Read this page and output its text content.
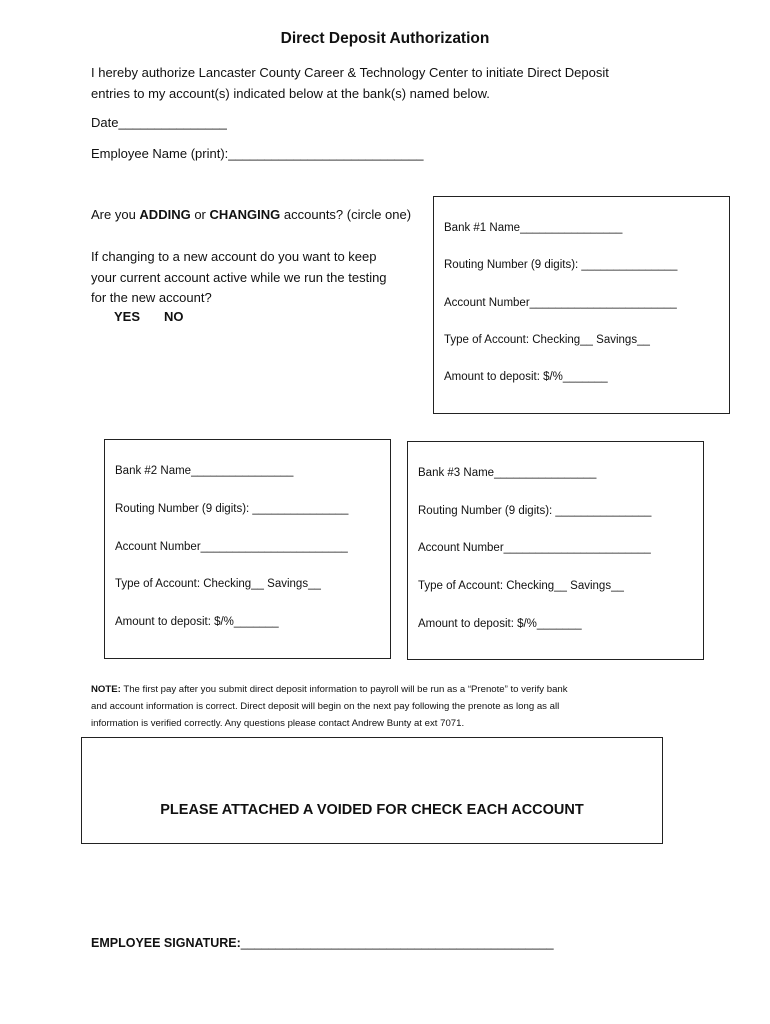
Direct Deposit Authorization
I hereby authorize Lancaster County Career & Technology Center to initiate Direct Deposit
entries to my account(s) indicated below at the bank(s) named below.
Date_______________
Employee Name (print):___________________________
Are you ADDING or CHANGING accounts? (circle one)
If changing to a new account do you want to keep
your current account active while we run the testing
for the new account?
YES NO
Bank #1 Name________________
Routing Number (9 digits): _______________
Account Number_______________________
Type of Account: Checking__ Savings__
Amount to deposit: $/%_______
Bank #2 Name________________
Routing Number (9 digits): _______________
Account Number_______________________
Type of Account: Checking__ Savings__
Amount to deposit: $/%_______
Bank #3 Name________________
Routing Number (9 digits): _______________
Account Number_______________________
Type of Account: Checking__ Savings__
Amount to deposit: $/%_______
NOTE: The first pay after you submit direct deposit information to payroll will be run as a “Prenote” to verify bank
and account information is correct. Direct deposit will begin on the next pay following the prenote as long as all
information is verified correctly. Any questions please contact Andrew Bunty at ext 7071.
PLEASE ATTACHED A VOIDED FOR CHECK EACH ACCOUNT
EMPLOYEE SIGNATURE:_____________________________________________
